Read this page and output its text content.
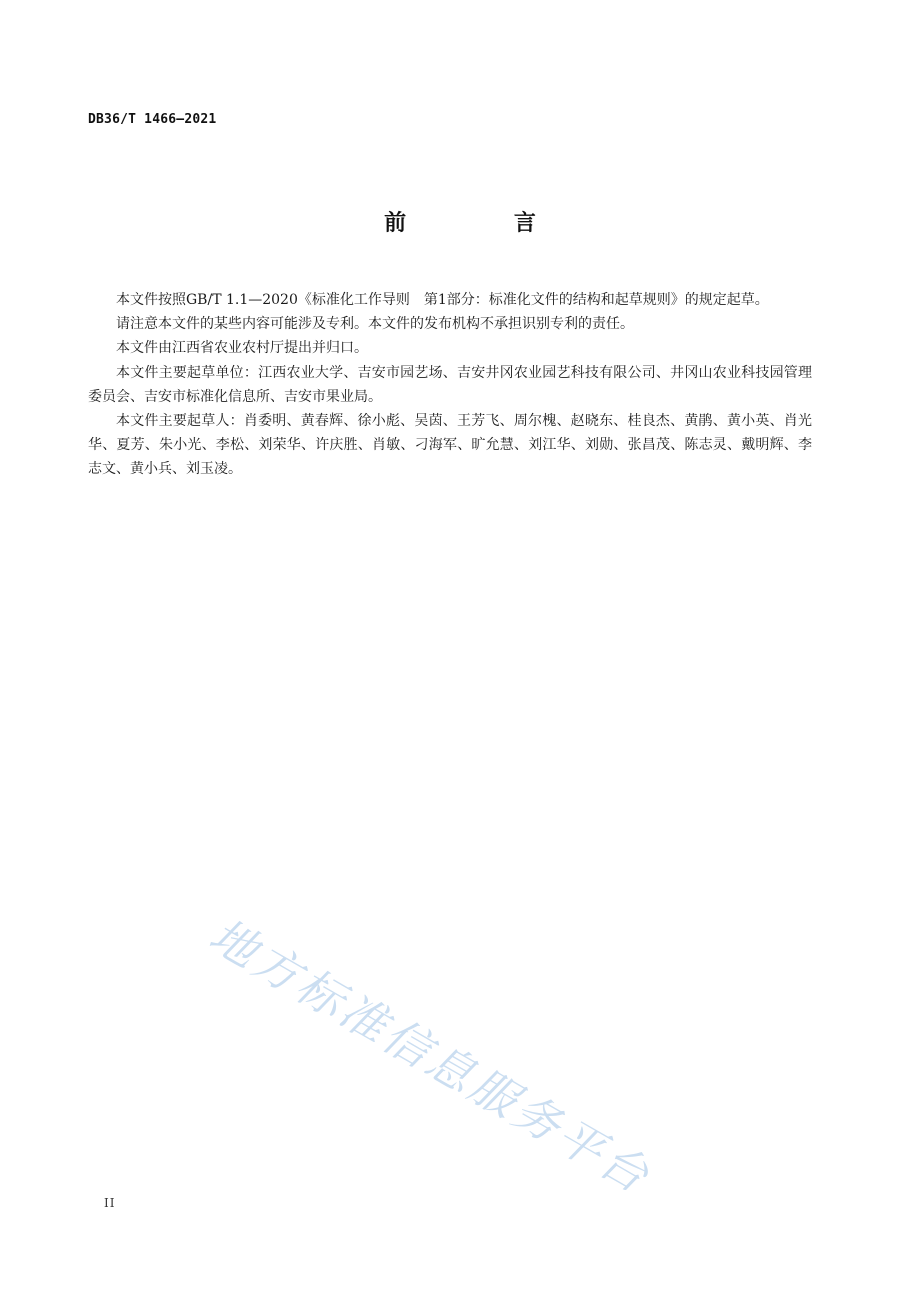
DB36/T 1466—2021
前 言

本文件按照GB/T 1.1—2020《标准化工作导则　第1部分：标准化文件的结构和起草规则》的规定起草。

请注意本文件的某些内容可能涉及专利。本文件的发布机构不承担识别专利的责任。

本文件由江西省农业农村厅提出并归口。

本文件主要起草单位：江西农业大学、吉安市园艺场、吉安井冈农业园艺科技有限公司、井冈山农业科技园管理委员会、吉安市标准化信息所、吉安市果业局。

本文件主要起草人：肖委明、黄春辉、徐小彪、吴茵、王芳飞、周尔槐、赵晓东、桂良杰、黄鹃、黄小英、肖光华、夏芳、朱小光、李松、刘荣华、许庆胜、肖敏、刁海军、旷允慧、刘江华、刘勋、张昌茂、陈志灵、戴明辉、李志文、黄小兵、刘玉凌。

地方标准信息服务平台
II
